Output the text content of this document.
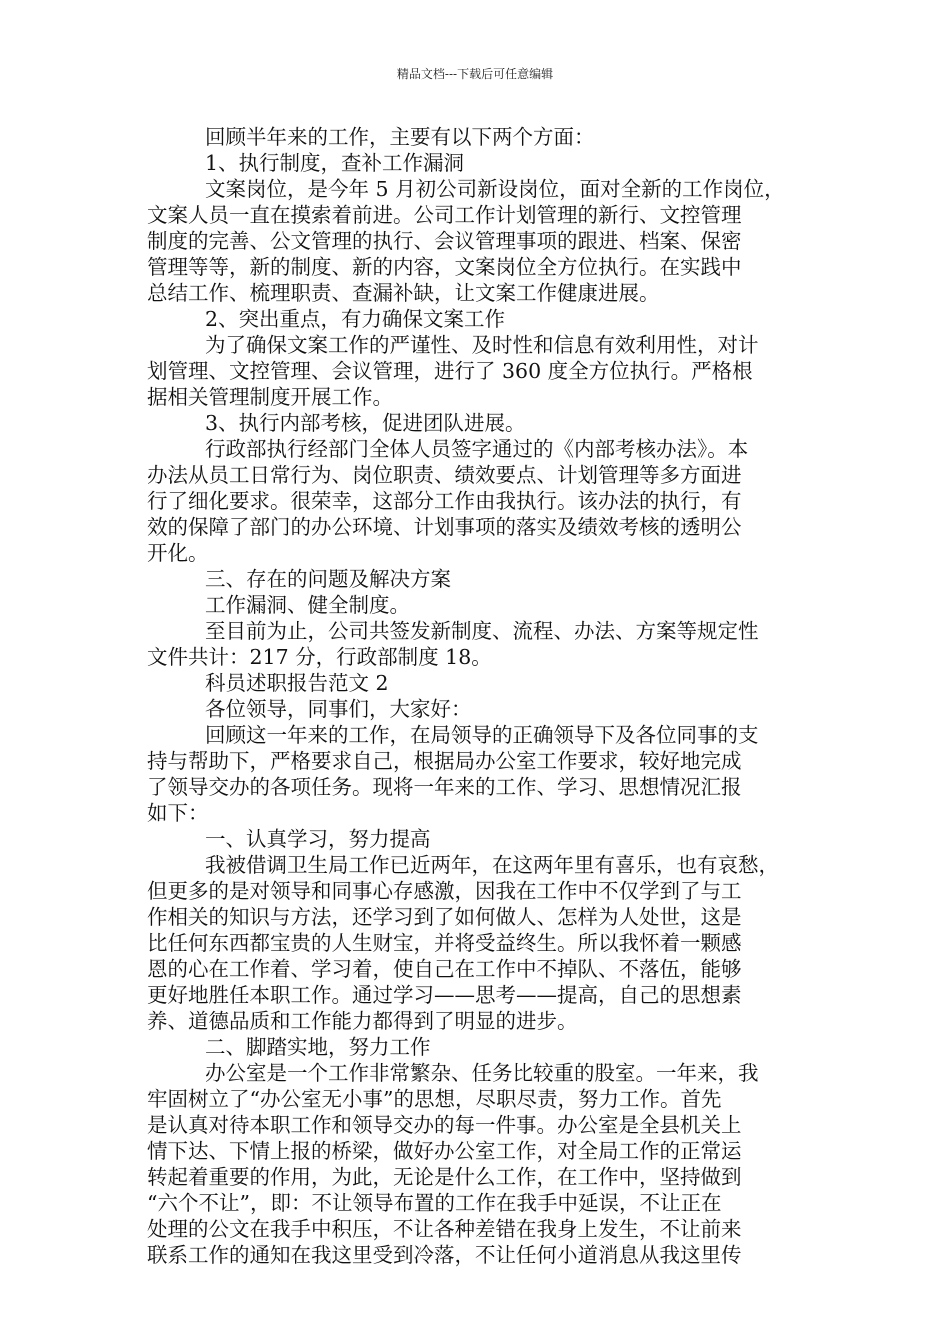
精品文档---下载后可任意编辑
回顾半年来的工作，主要有以下两个方面：
1、执行制度，查补工作漏洞
文案岗位，是今年 5 月初公司新设岗位，面对全新的工作岗位，
文案人员一直在摸索着前进。公司工作计划管理的新行、文控管理
制度的完善、公文管理的执行、会议管理事项的跟进、档案、保密
管理等等，新的制度、新的内容，文案岗位全方位执行。在实践中
总结工作、梳理职责、查漏补缺，让文案工作健康进展。
2、突出重点，有力确保文案工作
为了确保文案工作的严谨性、及时性和信息有效利用性，对计
划管理、文控管理、会议管理，进行了 360 度全方位执行。严格根
据相关管理制度开展工作。
3、执行内部考核，促进团队进展。
行政部执行经部门全体人员签字通过的《内部考核办法》。本
办法从员工日常行为、岗位职责、绩效要点、计划管理等多方面进
行了细化要求。很荣幸，这部分工作由我执行。该办法的执行，有
效的保障了部门的办公环境、计划事项的落实及绩效考核的透明公
开化。
三、存在的问题及解决方案
工作漏洞、健全制度。
至目前为止，公司共签发新制度、流程、办法、方案等规定性
文件共计：217 分，行政部制度 18。
科员述职报告范文 2
各位领导，同事们，大家好：
回顾这一年来的工作，在局领导的正确领导下及各位同事的支
持与帮助下，严格要求自己，根据局办公室工作要求，较好地完成
了领导交办的各项任务。现将一年来的工作、学习、思想情况汇报
如下：
一、认真学习，努力提高
我被借调卫生局工作已近两年，在这两年里有喜乐，也有哀愁，
但更多的是对领导和同事心存感激，因我在工作中不仅学到了与工
作相关的知识与方法，还学习到了如何做人、怎样为人处世，这是
比任何东西都宝贵的人生财宝，并将受益终生。所以我怀着一颗感
恩的心在工作着、学习着，使自己在工作中不掉队、不落伍，能够
更好地胜任本职工作。通过学习——思考——提高，自己的思想素
养、道德品质和工作能力都得到了明显的进步。
二、脚踏实地，努力工作
办公室是一个工作非常繁杂、任务比较重的股室。一年来，我
牢固树立了“办公室无小事”的思想，尽职尽责，努力工作。首先
是认真对待本职工作和领导交办的每一件事。办公室是全县机关上
情下达、下情上报的桥梁，做好办公室工作，对全局工作的正常运
转起着重要的作用，为此，无论是什么工作，在工作中，坚持做到
“六个不让”，即：不让领导布置的工作在我手中延误，不让正在
处理的公文在我手中积压，不让各种差错在我身上发生，不让前来
联系工作的通知在我这里受到冷落，不让任何小道消息从我这里传
